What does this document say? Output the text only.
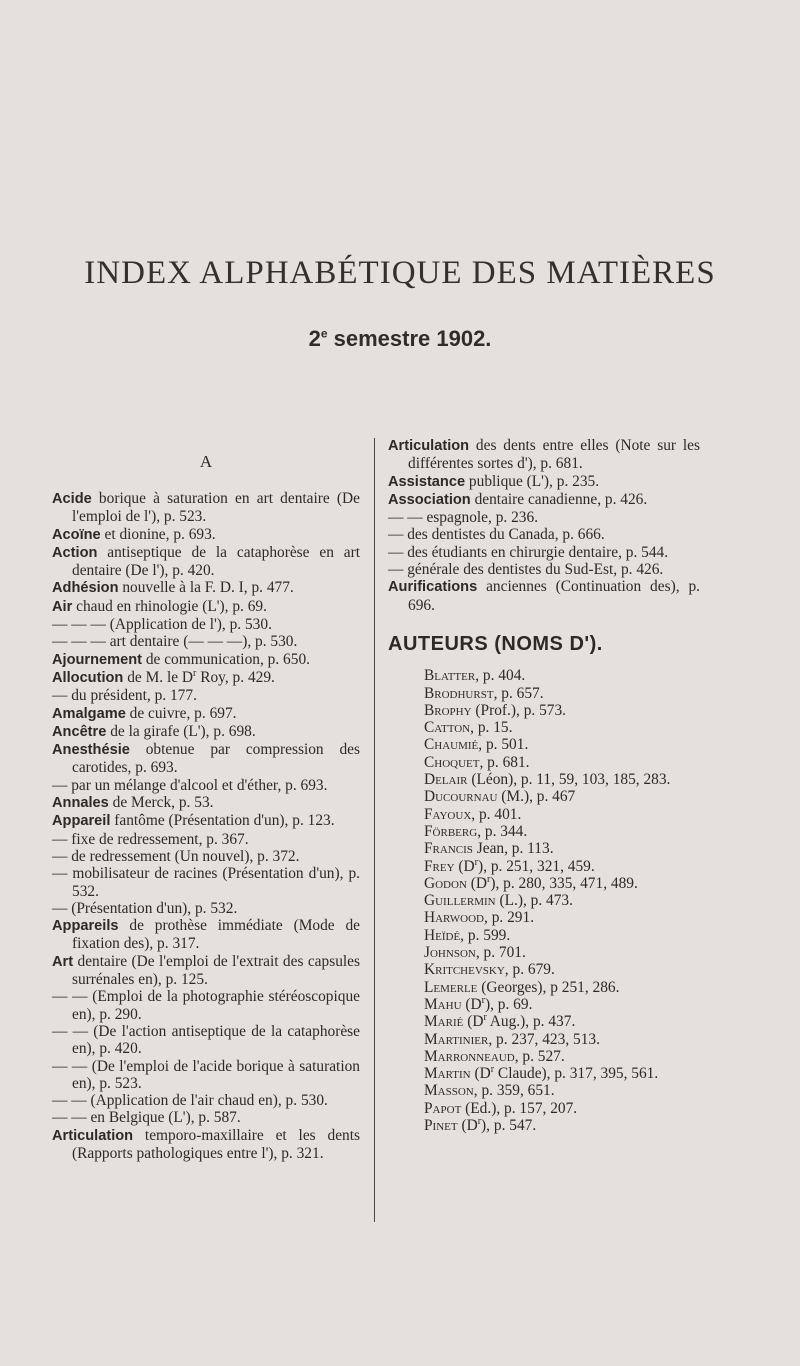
INDEX ALPHABÉTIQUE DES MATIÈRES
2e semestre 1902.
A

Acide borique à saturation en art dentaire (De l'emploi de l'), p. 523.

Acoïne et dionine, p. 693.

Action antiseptique de la cataphorèse en art dentaire (De l'), p. 420.

Adhésion nouvelle à la F. D. I, p. 477.

Air chaud en rhinologie (L'), p. 69.

— — — (Application de l'), p. 530.

— — — art dentaire (— — —), p. 530.

Ajournement de communication, p. 650.

Allocution de M. le $D^r$ Roy, p. 429.

— du président, p. 177.

Amalgame de cuivre, p. 697.

Ancêtre de la girafe (L'), p. 698.

Anesthésie obtenue par compression des carotides, p. 693.

— par un mélange d'alcool et d'éther, p. 693.

Annales de Merck, p. 53.

Appareil fantôme (Présentation d'un), p. 123.

— fixe de redressement, p. 367.

— de redressement (Un nouvel), p. 372.

— mobilisateur de racines (Présentation d'un), p. 532.

— (Présentation d'un), p. 532.

Appareils de prothèse immédiate (Mode de fixation des), p. 317.

Art dentaire (De l'emploi de l'extrait des capsules surrénales en), p. 125.

— — (Emploi de la photographie stéréoscopique en), p. 290.

— — (De l'action antiseptique de la cataphorèse en), p. 420.

— — (De l'emploi de l'acide borique à saturation en), p. 523.

— — (Application de l'air chaud en), p. 530.

— — en Belgique (L'), p. 587.

Articulation temporo-maxillaire et les dents (Rapports pathologiques entre l'), p. 321.

Articulation des dents entre elles (Note sur les différentes sortes d'), p. 681.

Assistance publique (L'), p. 235.

Association dentaire canadienne, p. 426.

— — espagnole, p. 236.

— des dentistes du Canada, p. 666.

— des étudiants en chirurgie dentaire, p. 544.

— générale des dentistes du Sud-Est, p. 426.

Aurifications anciennes (Continuation des), p. 696.

AUTEURS (NOMS D').

Blatter, p. 404.

Brodhurst, p. 657.

Brophy (Prof.), p. 573.

Catton, p. 15.

Chaumié, p. 501.

Choquet, p. 681.

Delair (Léon), p. 11, 59, 103, 185, 283.

Ducournau (M.), p. 467

Fayoux, p. 401.

Förberg, p. 344.

Francis Jean, p. 113.

Frey $(D^r)$, p. 251, 321, 459.

Godon $(D^r)$, p. 280, 335, 471, 489.

Guillermin (L.), p. 473.

Harwood, p. 291.

Heïdé, p. 599.

Johnson, p. 701.

Kritchevsky, p. 679.

Lemerle (Georges), p 251, 286.

Mahu $(D^r)$, p. 69.

Marié ($D^r$ Aug.), p. 437.

Martinier, p. 237, 423, 513.

Marronneaud, p. 527.

Martin ($D^r$ Claude), p. 317, 395, 561.

Masson, p. 359, 651.

Papot (Ed.), p. 157, 207.

Pinet $(D^r)$, p. 547.
